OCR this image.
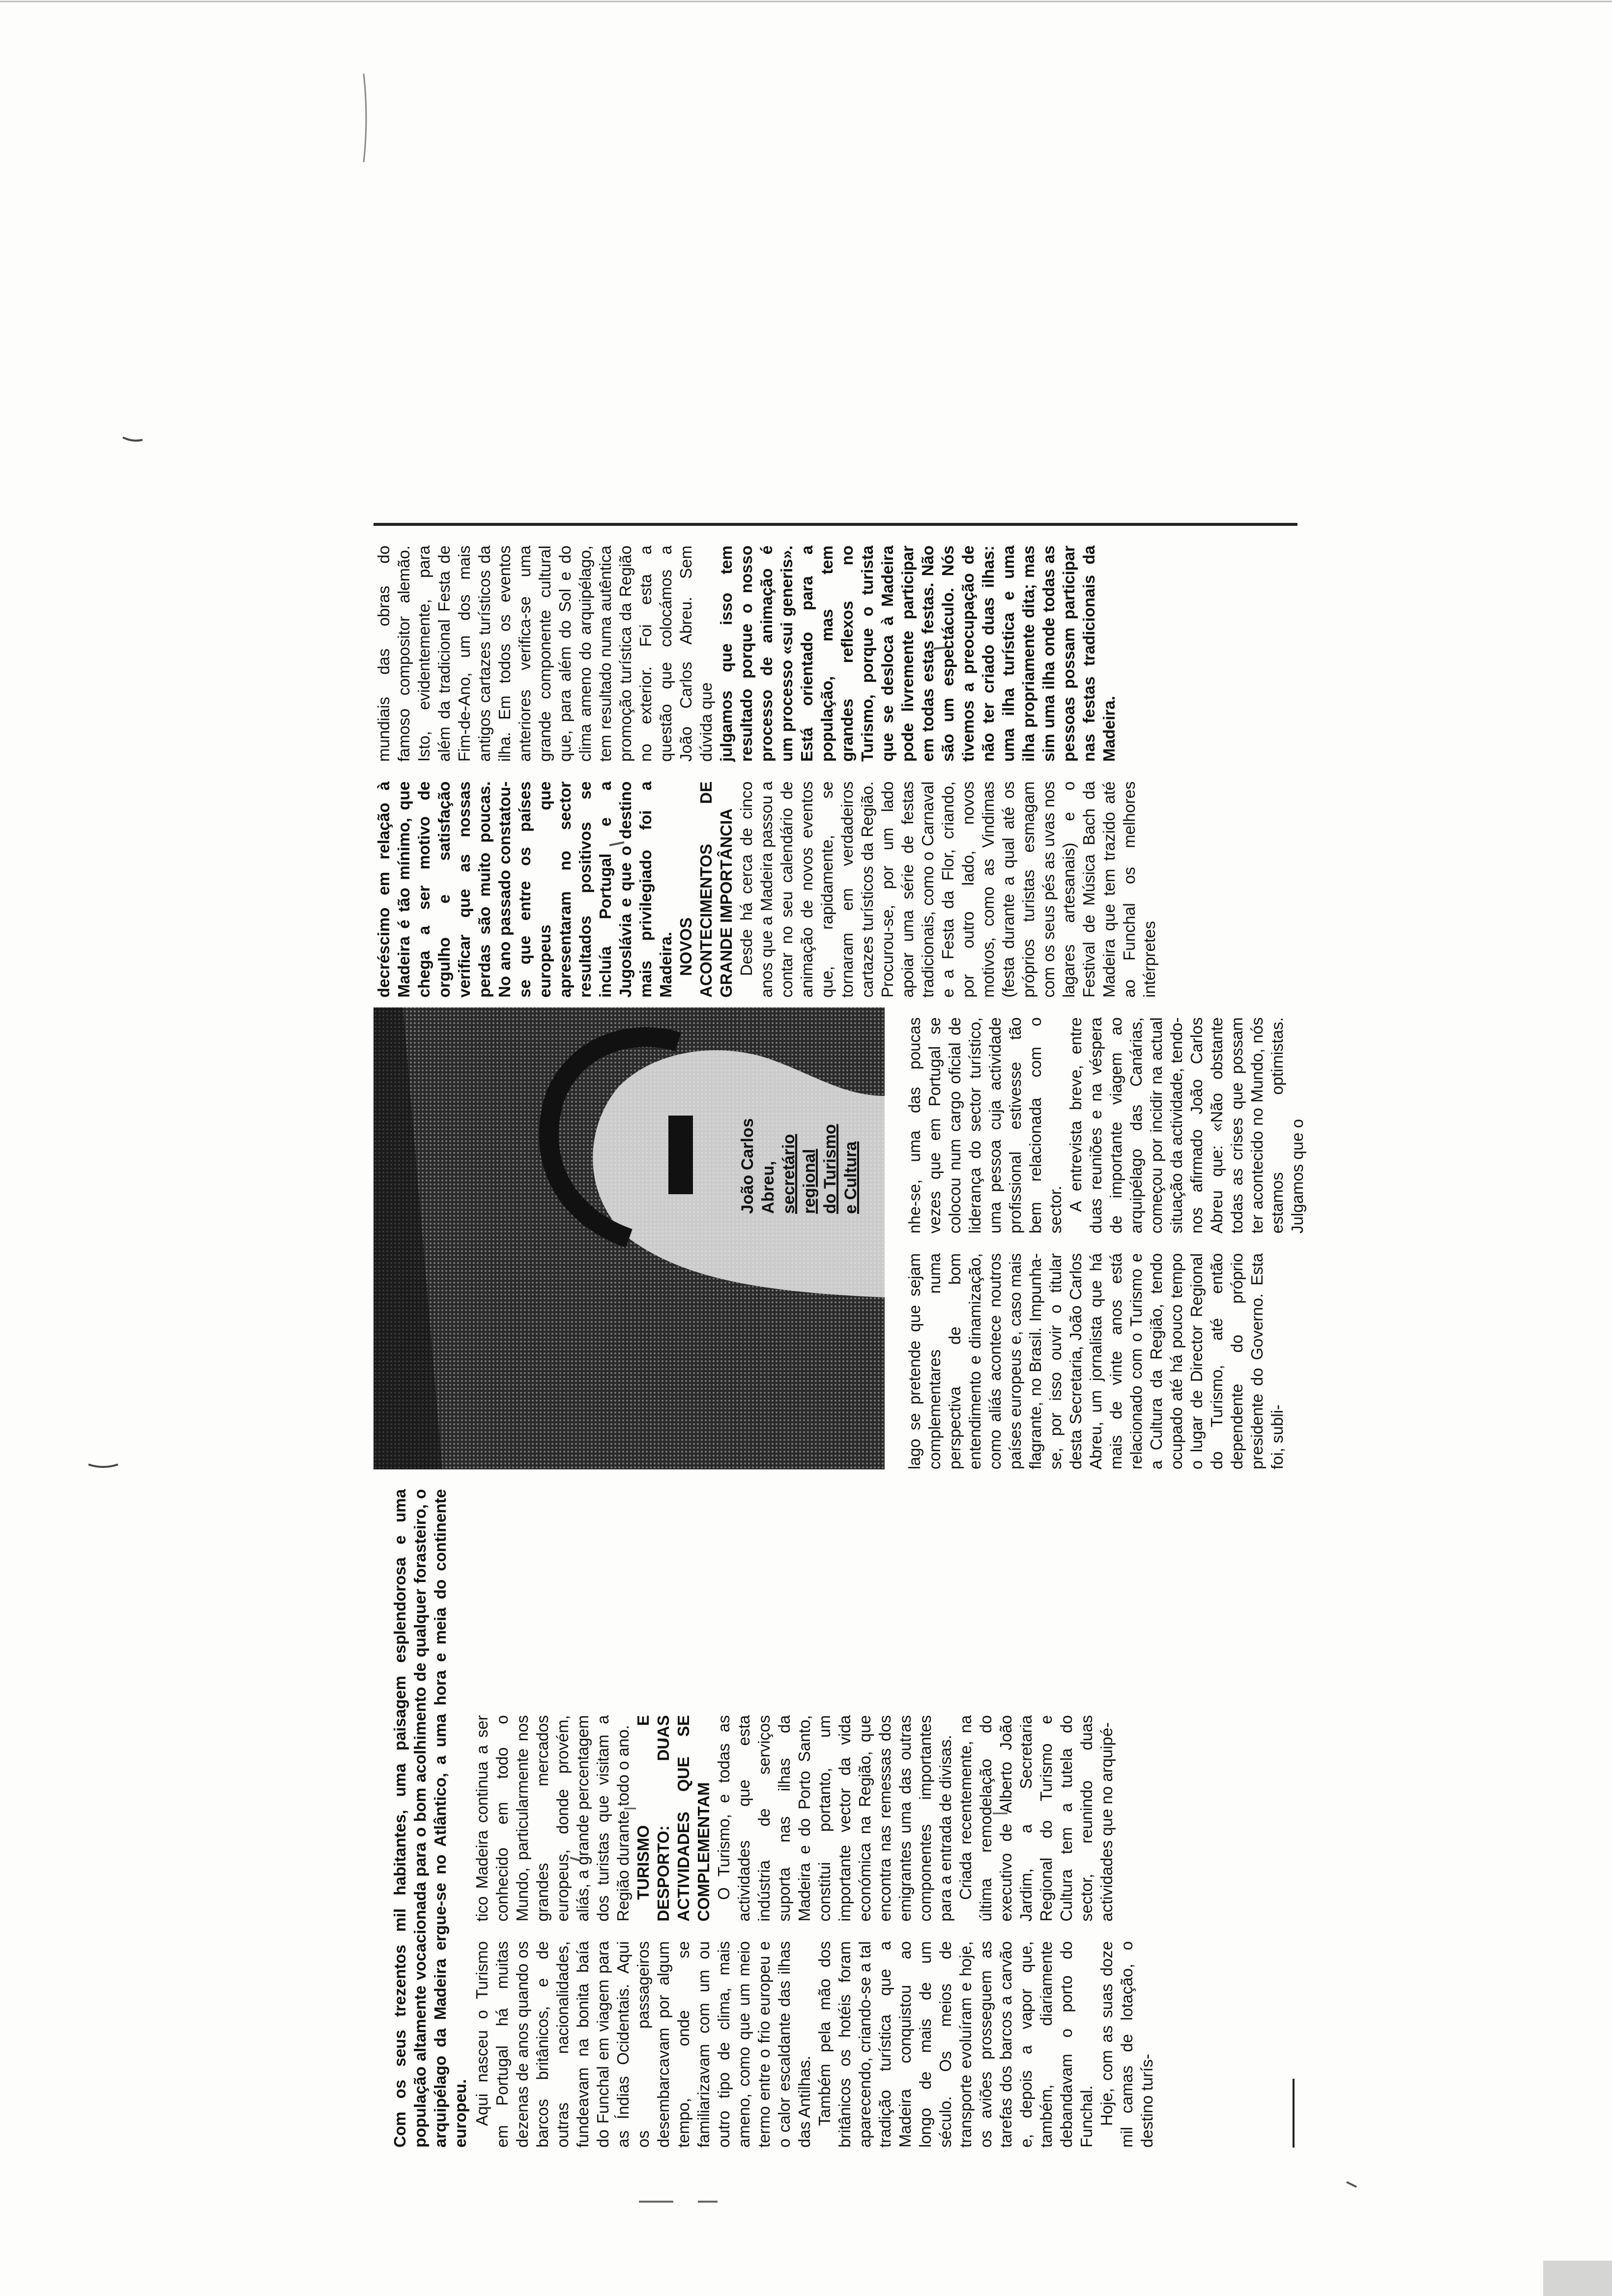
Com os seus trezentos mil habitantes, uma paisagem esplendorosa e uma população altamente vocacionada para o bom acolhimento de qualquer forasteiro, o arquipélago da Madeira ergue-se no Atlântico, a uma hora e meia do continente europeu. Aqui nasceu o Turismo em Portugal há muitas dezenas de anos quando os barcos britânicos, e de outras nacionalidades, fundeavam na bonita baía do Funchal em viagem para as Índias Ocidentais. Aqui os passageiros desembarcavam por algum tempo, onde se familiarizavam com um ou outro tipo de clima, mais ameno, como que um meio termo entre o frio europeu e o calor escaldante das ilhas das Antilhas. Também pela mão dos britânicos os hotéis foram aparecendo, criando-se a tal tradição turística que a Madeira conquistou ao longo de mais de um século. Os meios de transporte evoluíram e hoje, os aviões prosseguem as tarefas dos barcos a carvão e, depois a vapor que, também, diariamente debandavam o porto do Funchal. Hoje, com as suas doze mil camas de lotação, o destino turís-

tico Madeira continua a ser conhecido em todo o Mundo, particularmente nos grandes mercados europeus, donde provém, aliás, a grande percentagem dos turistas que visitam a Região durante todo o ano. TURISMO E DESPORTO: DUAS ACTIVIDADES QUE SE COMPLEMENTAM O Turismo, e todas as actividades que esta indústria de serviços suporta nas ilhas da Madeira e do Porto Santo, constitui portanto, um importante vector da vida económica na Região, que encontra nas remessas dos emigrantes uma das outras componentes importantes para a entrada de divisas. Criada recentemente, na última remodelação do executivo de Alberto João Jardim, a Secretaria Regional do Turismo e Cultura tem a tutela do sector, reunindo duas actividades que no arquipé-

lago se pretende que sejam complementares numa perspectiva de bom entendimento e dinamização, como aliás acontece noutros países europeus e, caso mais flagrante, no Brasil. Impunha-se, por isso ouvir o titular desta Secretaria, João Carlos Abreu, um jornalista que há mais de vinte anos está relacionado com o Turismo e a Cultura da Região, tendo ocupado até há pouco tempo o lugar de Director Regional do Turismo, até então dependente do próprio presidente do Governo. Esta foi, subli-

nhe-se, uma das poucas vezes que em Portugal se colocou num cargo oficial de liderança do sector turístico, uma pessoa cuja actividade profissional estivesse tão bem relacionada com o sector. A entrevista breve, entre duas reuniões e na véspera de importante viagem ao arquipélago das Canárias, começou por incidir na actual situação da actividade, tendo-nos afirmado João Carlos Abreu que: «Não obstante todas as crises que possam ter acontecido no Mundo, nós estamos optimistas. Julgamos que o

João Carlos Abreu, secretário regional do Turismo e Cultura

decréscimo em relação à Madeira é tão mínimo, que chega a ser motivo de orgulho e satisfação verificar que as nossas perdas são muito poucas. No ano passado constatou-se que entre os países europeus que apresentaram no sector resultados positivos se incluía Portugal e a Jugoslávia e que o destino mais privilegiado foi a Madeira. NOVOS ACONTECIMENTOS DE GRANDE IMPORTÂNCIA Desde há cerca de cinco anos que a Madeira passou a contar no seu calendário de animação de novos eventos que, rapidamente, se tornaram em verdadeiros cartazes turísticos da Região. Procurou-se, por um lado apoiar uma série de festas tradicionais, como o Carnaval e a Festa da Flor, criando, por outro lado, novos motivos, como as Vindimas (festa durante a qual até os próprios turistas esmagam com os seus pés as uvas nos lagares artesanais) e o Festival de Música Bach da Madeira que tem trazido até ao Funchal os melhores intérpretes

mundiais das obras do famoso compositor alemão. Isto, evidentemente, para além da tradicional Festa de Fim-de-Ano, um dos mais antigos cartazes turísticos da ilha. Em todos os eventos anteriores verifica-se uma grande componente cultural que, para além do Sol e do clima ameno do arquipélago, tem resultado numa autêntica promoção turística da Região no exterior. Foi esta a questão que colocámos a João Carlos Abreu. Sem dúvida que julgamos que isso tem resultado porque o nosso processo de animação é um processo «sui generis». Está orientado para a população, mas tem grandes reflexos no Turismo, porque o turista que se desloca à Madeira pode livremente participar em todas estas festas. Não são um espectáculo. Nós tivemos a preocupação de não ter criado duas ilhas: uma ilha turística e uma ilha propriamente dita; mas sim uma ilha onde todas as pessoas possam participar nas festas tradicionais da Madeira.
